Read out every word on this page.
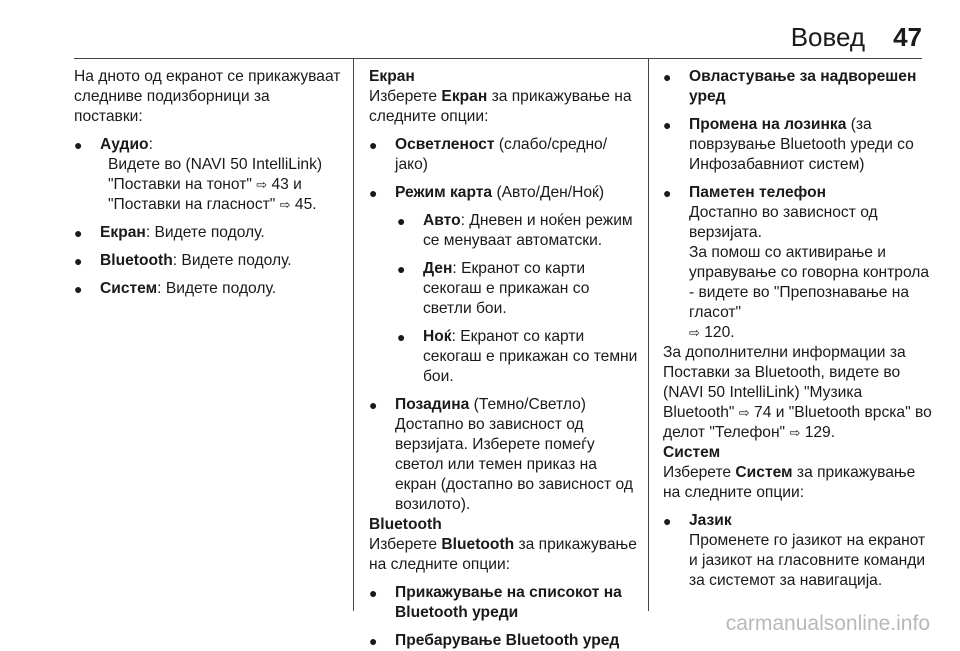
Вовед 47

На дното од екранот се прикажуваат следниве подизборници за поставки:

●	Аудио:

Видете во (NAVI 50 IntelliLink) "Поставки на тонот" ⇨ 43 и "Поставки на гласност" ⇨ 45.

●	Екран: Видете подолу.
●	Bluetooth: Видете подолу.
●	Систем: Видете подолу.

Екран

Изберете Екран за прикажување на следните опции:

●	Осветленост (слабо/средно/ јако)
●	Режим карта (Авто/Ден/Ноќ)
●	Авто: Дневен и ноќен режим се менуваат автоматски.
●	Ден: Екранот со карти секогаш е прикажан со светли бои.
●	Ноќ: Екранот со карти секогаш е прикажан со темни бои.
●	Позадина (Темно/Светло)

Достапно во зависност од верзијата. Изберете помеѓу светол или темен приказ на екран (достапно во зависност од возилото).

Bluetooth

Изберете Bluetooth за прикажување на следните опции:

●	Прикажување на списокот на Bluetooth уреди
●	Пребарување Bluetooth уред
●	Овластување за надворешен уред
●	Промена на лозинка (за поврзување Bluetooth уреди со Инфозабавниот систем)
●	Паметен телефон

Достапно во зависност од верзијата.

За помош со активирање и управување со говорна контрола - видете во "Препознавање на гласот"
⇨ 120.

За дополнителни информации за Поставки за Bluetooth, видете во (NAVI 50 IntelliLink) "Музика Bluetooth" ⇨ 74 и "Bluetooth врска" во делот "Телефон" ⇨ 129.

Систем

Изберете Систем за прикажување на следните опции:

●	Јазик

Променете го јазикот на екранот и јазикот на гласовните команди за системот за навигација.

carmanualsonline.info
